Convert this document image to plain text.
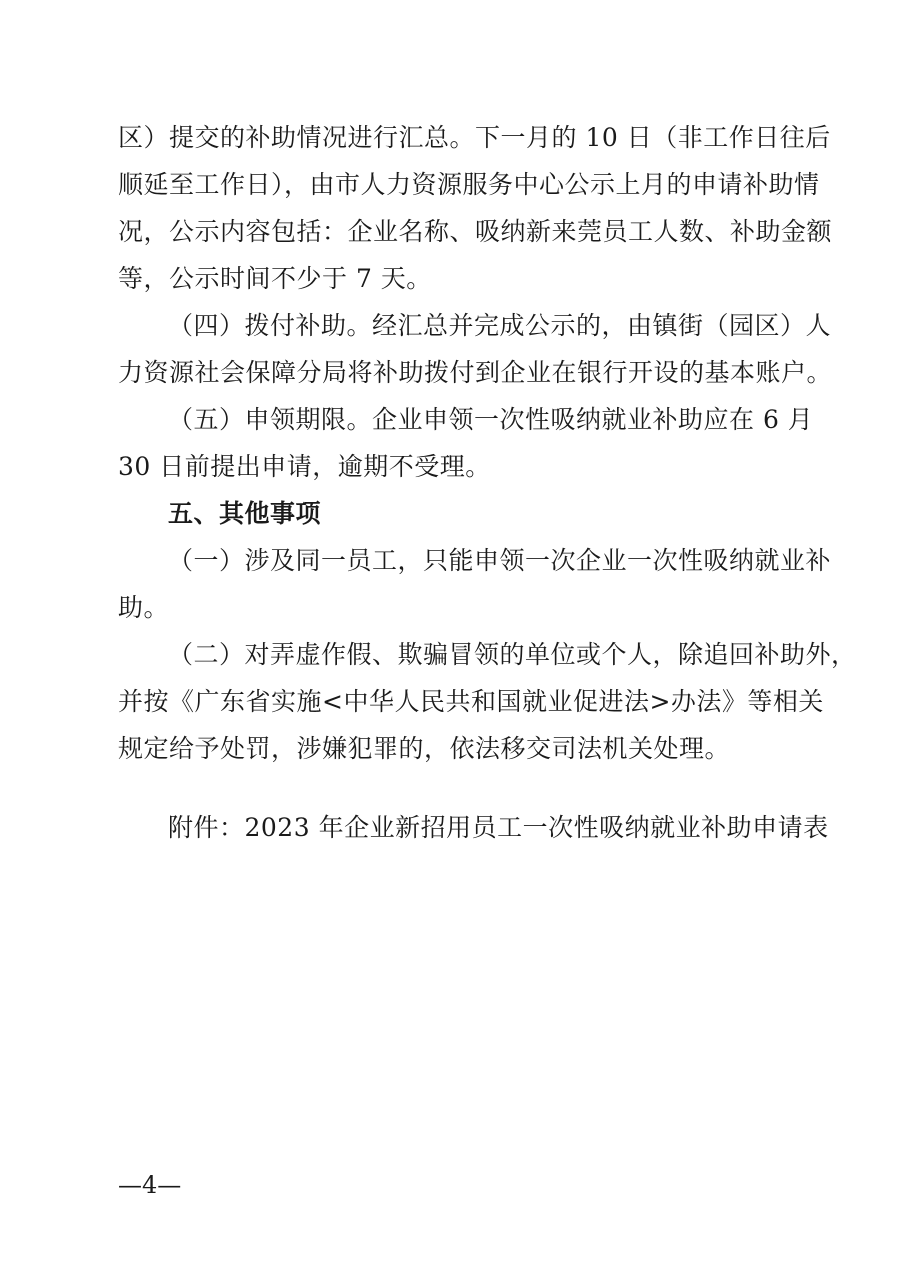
区）提交的补助情况进行汇总。下一月的 10 日（非工作日往后
顺延至工作日），由市人力资源服务中心公示上月的申请补助情
况，公示内容包括：企业名称、吸纳新来莞员工人数、补助金额
等，公示时间不少于 7 天。
（四）拨付补助。经汇总并完成公示的，由镇街（园区）人
力资源社会保障分局将补助拨付到企业在银行开设的基本账户。
（五）申领期限。企业申领一次性吸纳就业补助应在 6 月
30 日前提出申请，逾期不受理。
五、其他事项
（一）涉及同一员工，只能申领一次企业一次性吸纳就业补
助。
（二）对弄虚作假、欺骗冒领的单位或个人，除追回补助外，
并按《广东省实施<中华人民共和国就业促进法>办法》等相关
规定给予处罚，涉嫌犯罪的，依法移交司法机关处理。
附件：2023 年企业新招用员工一次性吸纳就业补助申请表
—4—
